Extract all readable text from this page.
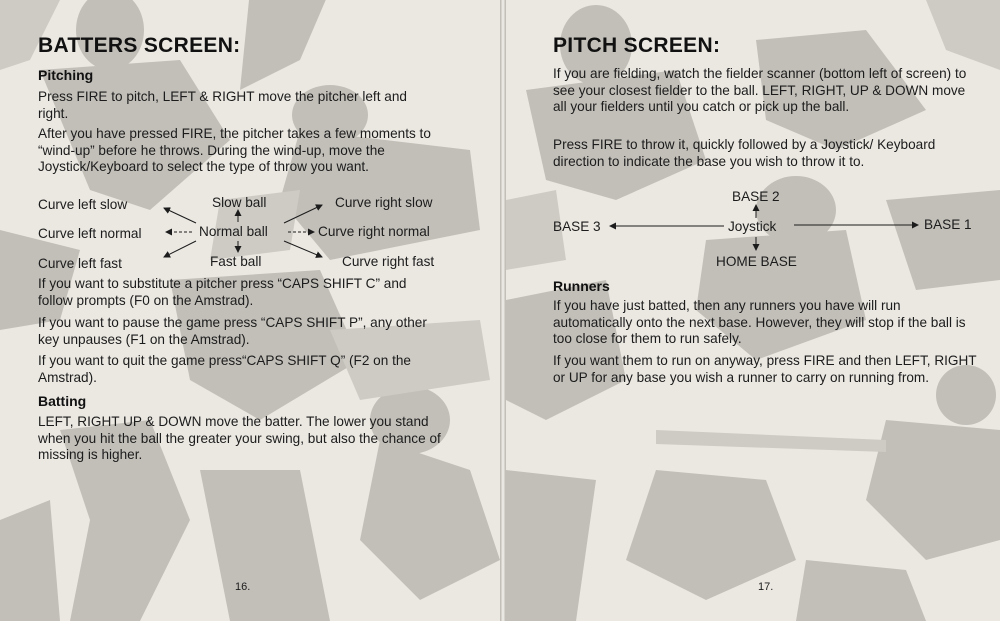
BATTERS SCREEN:
Pitching

Press FIRE to pitch, LEFT & RIGHT move the pitcher left and right.

After you have pressed FIRE, the pitcher takes a few moments to “wind-up” before he throws. During the wind-up, move the Joystick/Keyboard to select the type of throw you want.

Curve left slow	Slow ball	Curve right slow
Curve left normal	Normal ball	Curve right normal
Curve left fast	Fast ball	Curve right fast

If you want to substitute a pitcher press “CAPS SHIFT C” and follow prompts (F0 on the Amstrad).

If you want to pause the game press “CAPS SHIFT P”, any other key unpauses (F1 on the Amstrad).

If you want to quit the game press“CAPS SHIFT Q” (F2 on the Amstrad).

Batting

LEFT, RIGHT UP & DOWN move the batter. The lower you stand when you hit the ball the greater your swing, but also the chance of missing is higher.

16.
PITCH SCREEN:

If you are fielding, watch the fielder scanner (bottom left of screen) to see your closest fielder to the ball. LEFT, RIGHT, UP & DOWN move all your fielders until you catch or pick up the ball.

Press FIRE to throw it, quickly followed by a Joystick/ Keyboard direction to indicate the base you wish to throw it to.

BASE 2
BASE 3	Joystick	BASE 1
HOME BASE
Runners

If you have just batted, then any runners you have will run automatically onto the next base. However, they will stop if the ball is too close for them to run safely.

If you want them to run on anyway, press FIRE and then LEFT, RIGHT or UP for any base you wish a runner to carry on running from.

17.
